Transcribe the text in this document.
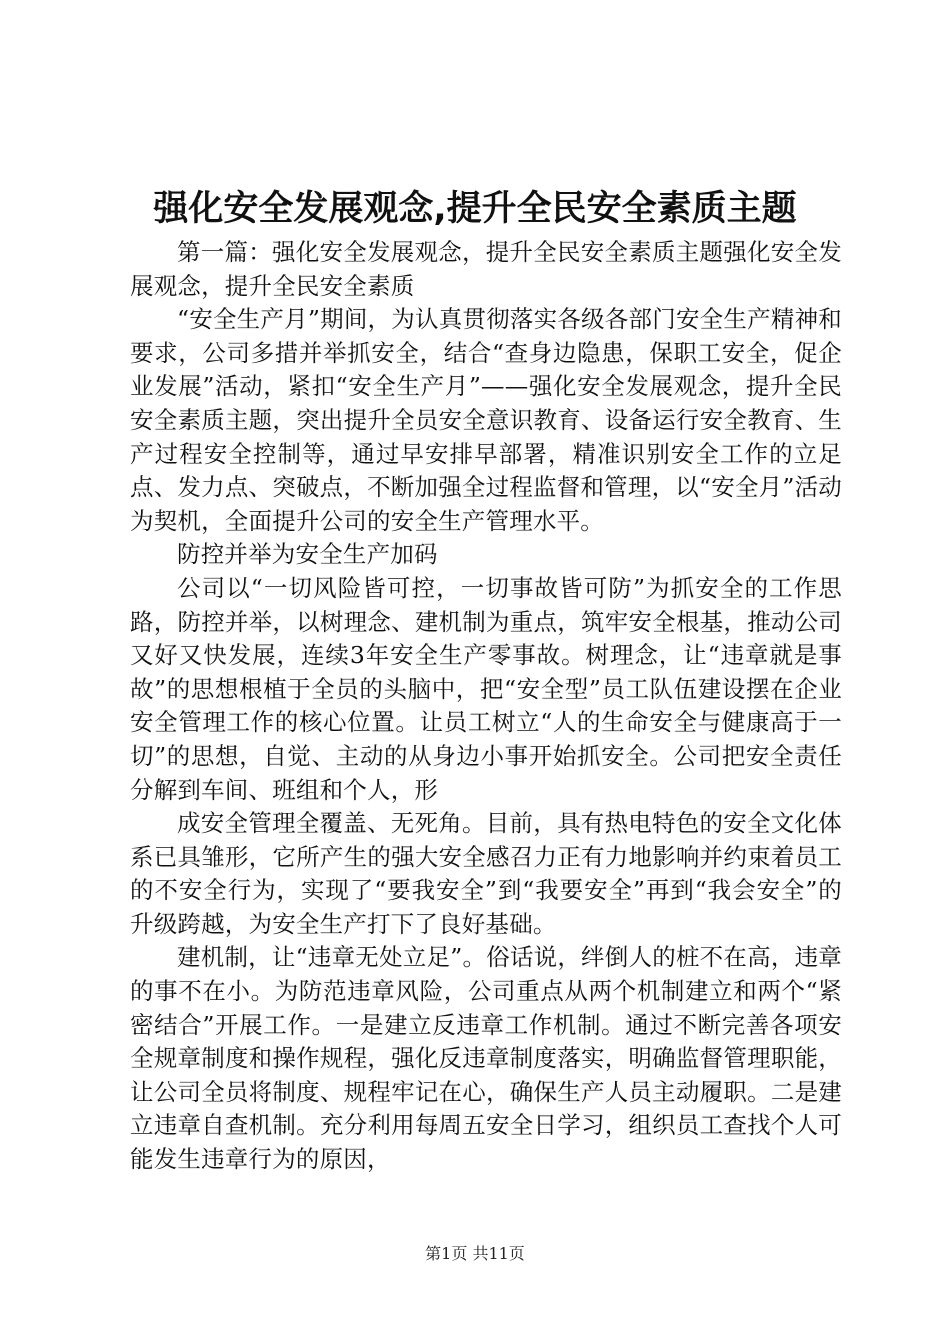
强化安全发展观念,提升全民安全素质主题

第一篇：强化安全发展观念，提升全民安全素质主题强化安全发展观念，提升全民安全素质

“安全生产月”期间，为认真贯彻落实各级各部门安全生产精神和要求，公司多措并举抓安全，结合“查身边隐患，保职工安全，促企业发展”活动，紧扣“安全生产月”——强化安全发展观念，提升全民安全素质主题，突出提升全员安全意识教育、设备运行安全教育、生产过程安全控制等，通过早安排早部署，精准识别安全工作的立足点、发力点、突破点，不断加强全过程监督和管理，以“安全月”活动为契机，全面提升公司的安全生产管理水平。

防控并举为安全生产加码

公司以“一切风险皆可控，一切事故皆可防”为抓安全的工作思路，防控并举，以树理念、建机制为重点，筑牢安全根基，推动公司又好又快发展，连续3年安全生产零事故。树理念，让“违章就是事故”的思想根植于全员的头脑中，把“安全型”员工队伍建设摆在企业安全管理工作的核心位置。让员工树立“人的生命安全与健康高于一切”的思想，自觉、主动的从身边小事开始抓安全。公司把安全责任分解到车间、班组和个人，形

成安全管理全覆盖、无死角。目前，具有热电特色的安全文化体系已具雏形，它所产生的强大安全感召力正有力地影响并约束着员工的不安全行为，实现了“要我安全”到“我要安全”再到“我会安全”的升级跨越，为安全生产打下了良好基础。

建机制，让“违章无处立足”。俗话说，绊倒人的桩不在高，违章的事不在小。为防范违章风险，公司重点从两个机制建立和两个“紧密结合”开展工作。一是建立反违章工作机制。通过不断完善各项安全规章制度和操作规程，强化反违章制度落实，明确监督管理职能，让公司全员将制度、规程牢记在心，确保生产人员主动履职。二是建立违章自查机制。充分利用每周五安全日学习，组织员工查找个人可能发生违章行为的原因，

第1页 共11页
